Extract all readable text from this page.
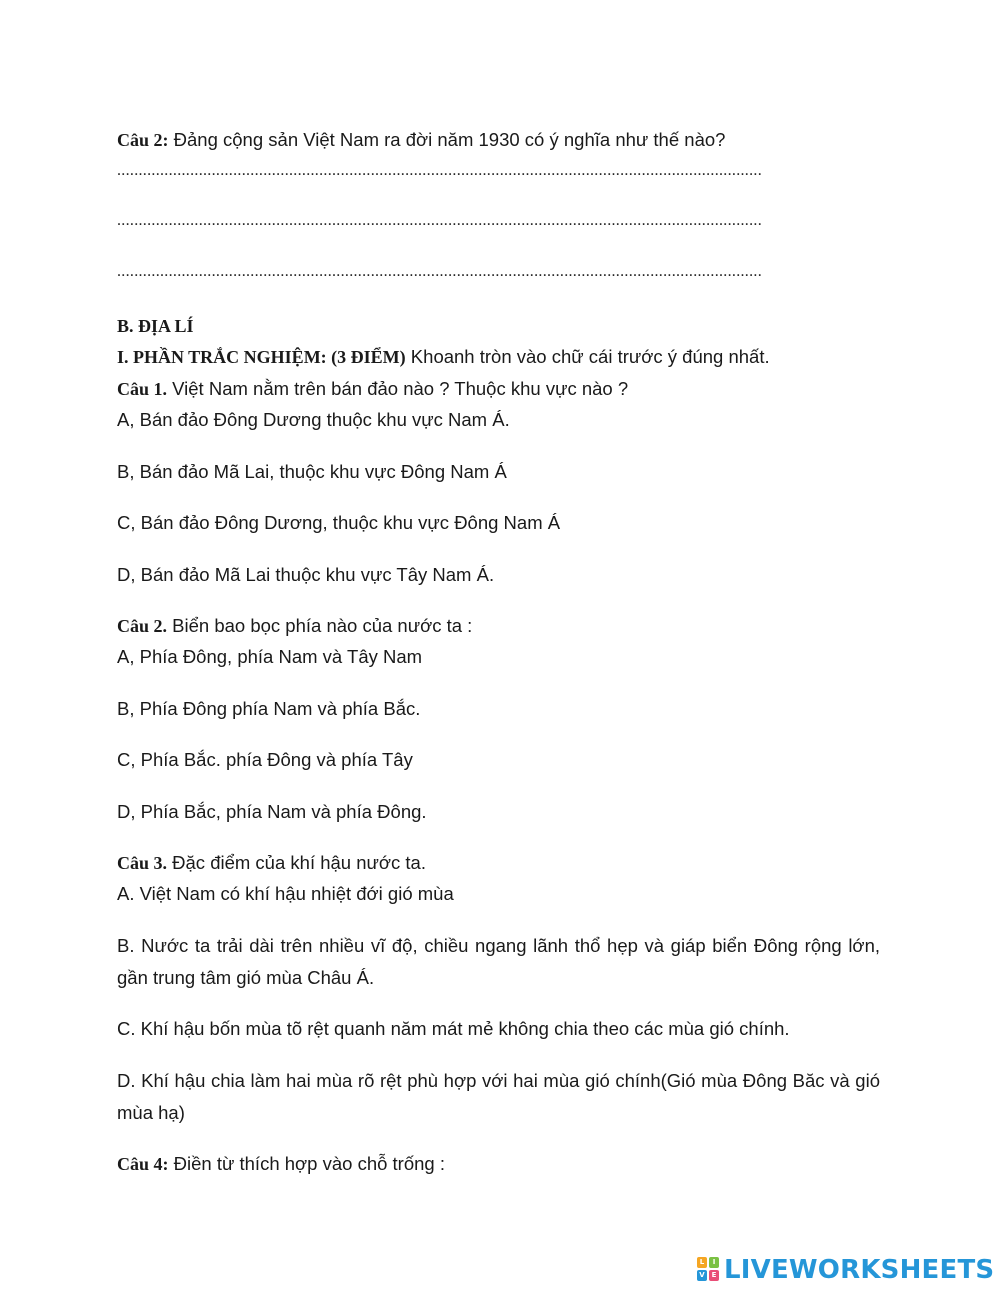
Câu 2: Đảng cộng sản Việt Nam ra đời năm 1930 có ý nghĩa như thế nào?
......................................................................................................................................................
......................................................................................................................................................
......................................................................................................................................................
B. ĐỊA LÍ
I. PHẦN TRẮC NGHIỆM: (3 ĐIỂM) Khoanh tròn vào chữ cái trước ý đúng nhất.
Câu 1. Việt Nam nằm trên bán đảo nào ? Thuộc khu vực nào ?
A, Bán đảo Đông Dương thuộc khu vực Nam Á.
B, Bán đảo Mã Lai, thuộc khu vực Đông Nam Á
C, Bán đảo Đông Dương, thuộc khu vực Đông Nam Á
D, Bán đảo Mã Lai thuộc khu vực Tây Nam Á.
Câu 2. Biển bao bọc phía nào của nước ta :
A, Phía Đông, phía Nam và Tây Nam
B, Phía Đông phía Nam và phía Bắc.
C, Phía Bắc. phía Đông và phía Tây
D, Phía Bắc, phía Nam và phía Đông.
Câu 3. Đặc điểm của khí hậu nước ta.
A. Việt Nam có khí hậu nhiệt đới gió mùa
B. Nước ta trải dài trên nhiều vĩ độ, chiều ngang lãnh thổ hẹp và giáp biển Đông rộng lớn, gần trung tâm gió mùa Châu Á.
C. Khí hậu bốn mùa tõ rệt quanh năm mát mẻ không chia theo các mùa gió chính.
D. Khí hậu chia làm hai mùa rõ rệt phù hợp với hai mùa gió chính(Gió mùa Đông Băc và gió mùa hạ)
Câu 4: Điền từ thích hợp vào chỗ trống :
L	I
V E LIVEWORKSHEETS
